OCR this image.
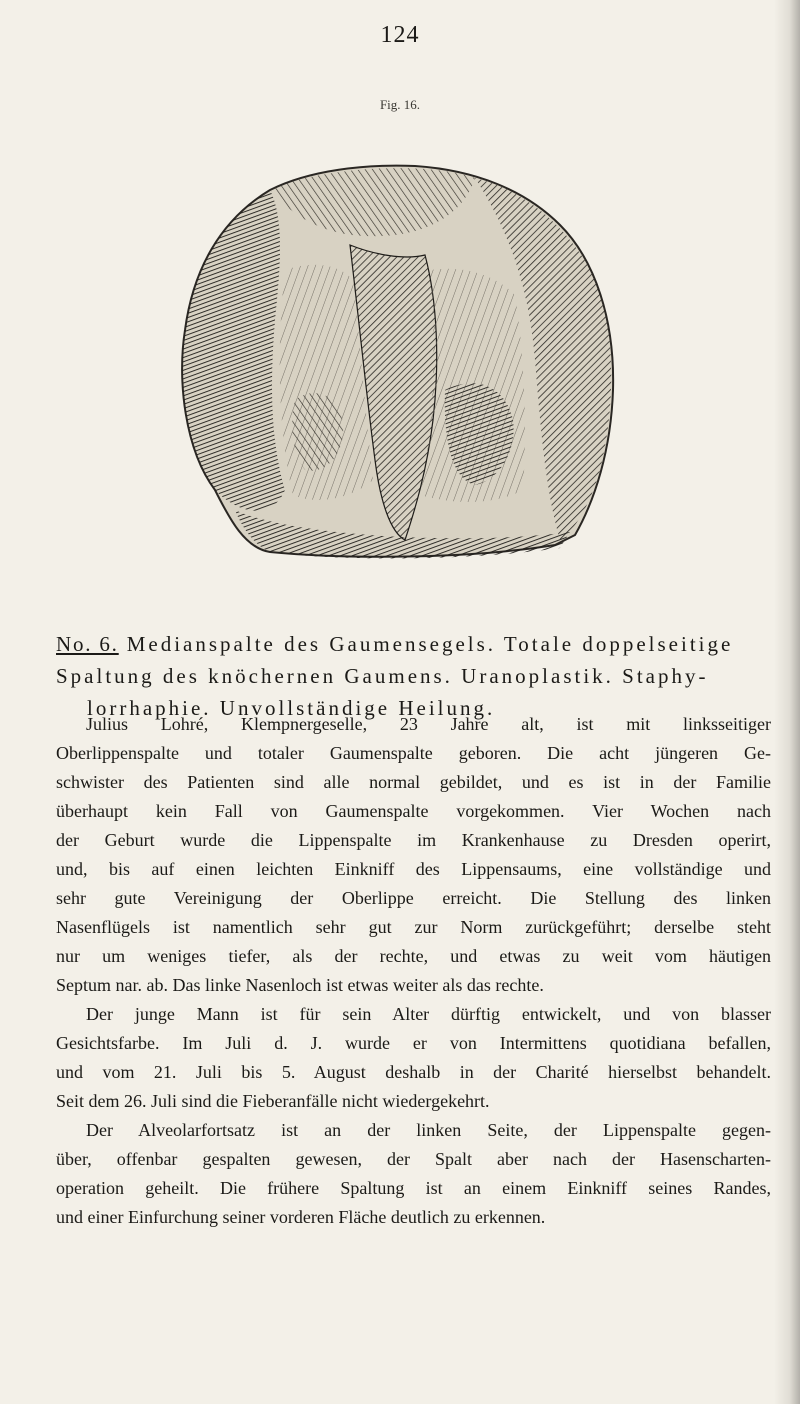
124
Fig. 16.
No. 6. Medianspalte des Gaumensegels. Totale doppelseitige
Spaltung des knöchernen Gaumens. Uranoplastik. Staphy-
lorrhaphie. Unvollständige Heilung.
Julius Lohré, Klempnergeselle, 23 Jahre alt, ist mit linksseitiger
Oberlippenspalte und totaler Gaumenspalte geboren. Die acht jüngeren Ge-
schwister des Patienten sind alle normal gebildet, und es ist in der Familie
überhaupt kein Fall von Gaumenspalte vorgekommen. Vier Wochen nach
der Geburt wurde die Lippenspalte im Krankenhause zu Dresden operirt,
und, bis auf einen leichten Einkniff des Lippensaums, eine vollständige und
sehr gute Vereinigung der Oberlippe erreicht. Die Stellung des linken
Nasenflügels ist namentlich sehr gut zur Norm zurückgeführt; derselbe steht
nur um weniges tiefer, als der rechte, und etwas zu weit vom häutigen
Septum nar. ab. Das linke Nasenloch ist etwas weiter als das rechte.
Der junge Mann ist für sein Alter dürftig entwickelt, und von blasser
Gesichtsfarbe. Im Juli d. J. wurde er von Intermittens quotidiana befallen,
und vom 21. Juli bis 5. August deshalb in der Charité hierselbst behandelt.
Seit dem 26. Juli sind die Fieberanfälle nicht wiedergekehrt.
Der Alveolarfortsatz ist an der linken Seite, der Lippenspalte gegen-
über, offenbar gespalten gewesen, der Spalt aber nach der Hasenscharten-
operation geheilt. Die frühere Spaltung ist an einem Einkniff seines Randes,
und einer Einfurchung seiner vorderen Fläche deutlich zu erkennen.
